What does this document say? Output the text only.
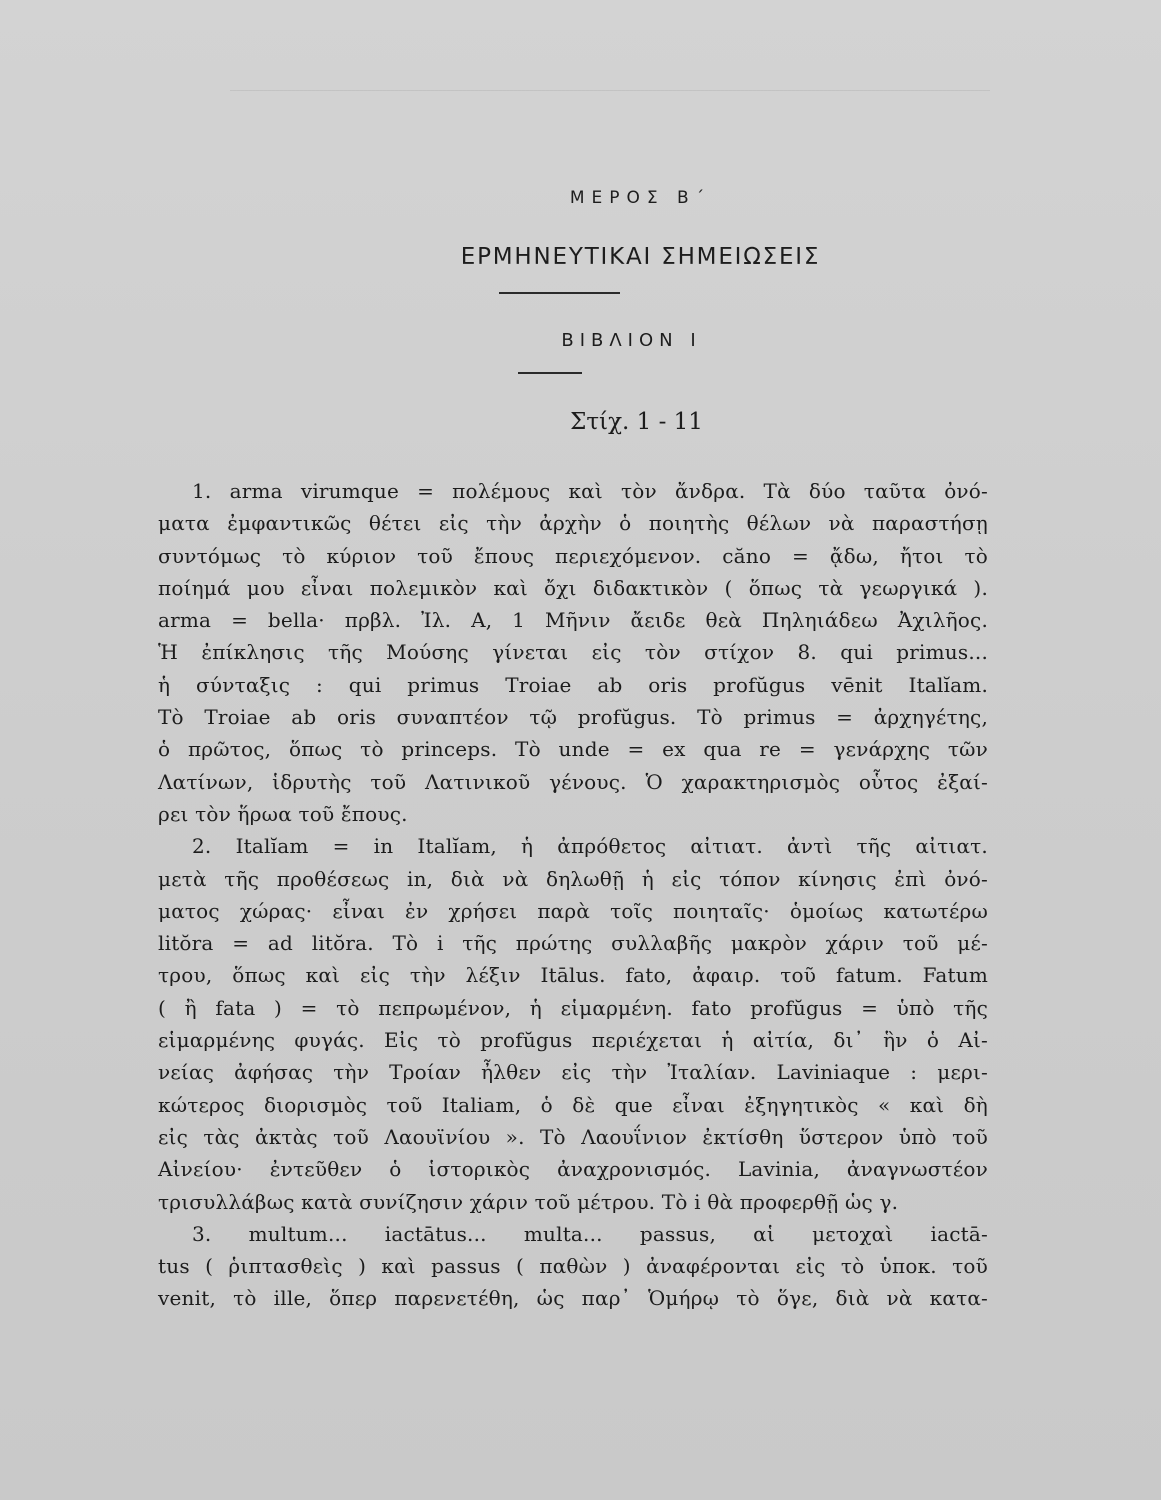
ΜΕΡΟΣ Β΄
ΕΡΜΗΝΕΥΤΙΚΑΙ ΣΗΜΕΙΩΣΕΙΣ
ΒΙΒΛΙΟΝ Ι
Στίχ. 1 - 11
1. arma virumque = πολέμους καὶ τὸν ἄνδρα. Τὰ δύο ταῦτα ὀνό-
ματα ἐμφαντικῶς θέτει εἰς τὴν ἀρχὴν ὁ ποιητὴς θέλων νὰ παραστήσῃ
συντόμως τὸ κύριον τοῦ ἔπους περιεχόμενον. căno = ᾄδω, ἤτοι τὸ
ποίημά μου εἶναι πολεμικὸν καὶ ὄχι διδακτικὸν ( ὅπως τὰ γεωργικά ).
arma = bella· πρβλ. Ἰλ. Α, 1 Μῆνιν ἄειδε θεὰ Πηληιάδεω Ἀχιλῆος.
Ἡ ἐπίκλησις τῆς Μούσης γίνεται εἰς τὸν στίχον 8. qui primus...
ἡ σύνταξις : qui primus Troiae ab oris profŭgus vēnit Italĭam.
Τὸ Troiae ab oris συναπτέον τῷ profŭgus. Τὸ primus = ἀρχηγέτης,
ὁ πρῶτος, ὅπως τὸ princeps. Τὸ unde = ex qua re = γενάρχης τῶν
Λατίνων, ἱδρυτὴς τοῦ Λατινικοῦ γένους. Ὁ χαρακτηρισμὸς οὗτος ἐξαί-
ρει τὸν ἥρωα τοῦ ἔπους.
2. Italĭam = in Italĭam, ἡ ἀπρόθετος αἰτιατ. ἀντὶ τῆς αἰτιατ.
μετὰ τῆς προθέσεως in, διὰ νὰ δηλωθῇ ἡ εἰς τόπον κίνησις ἐπὶ ὀνό-
ματος χώρας· εἶναι ἐν χρήσει παρὰ τοῖς ποιηταῖς· ὁμοίως κατωτέρω
litŏra = ad litŏra. Τὸ i τῆς πρώτης συλλαβῆς μακρὸν χάριν τοῦ μέ-
τρου, ὅπως καὶ εἰς τὴν λέξιν Itālus. fato, ἀφαιρ. τοῦ fatum. Fatum
( ἢ fata ) = τὸ πεπρωμένον, ἡ εἱμαρμένη. fato profŭgus = ὑπὸ τῆς
εἱμαρμένης φυγάς. Εἰς τὸ profŭgus περιέχεται ἡ αἰτία, δι᾽ ἣν ὁ Αἰ-
νείας ἀφήσας τὴν Τροίαν ἦλθεν εἰς τὴν Ἰταλίαν. Laviniaque : μερι-
κώτερος διορισμὸς τοῦ Italiam, ὁ δὲ que εἶναι ἐξηγητικὸς « καὶ δὴ
εἰς τὰς ἀκτὰς τοῦ Λαουϊνίου ». Τὸ Λαουΐνιον ἐκτίσθη ὕστερον ὑπὸ τοῦ
Αἰνείου· ἐντεῦθεν ὁ ἱστορικὸς ἀναχρονισμός. Lavinia, ἀναγνωστέον
τρισυλλάβως κατὰ συνίζησιν χάριν τοῦ μέτρου. Τὸ i θὰ προφερθῇ ὡς γ.
3. multum... iactātus... multa... passus, αἱ μετοχαὶ iactā-
tus ( ῥιπτασθεὶς ) καὶ passus ( παθὼν ) ἀναφέρονται εἰς τὸ ὑποκ. τοῦ
venit, τὸ ille, ὅπερ παρενετέθη, ὡς παρ᾽ Ὁμήρῳ τὸ ὅγε, διὰ νὰ κατα-
